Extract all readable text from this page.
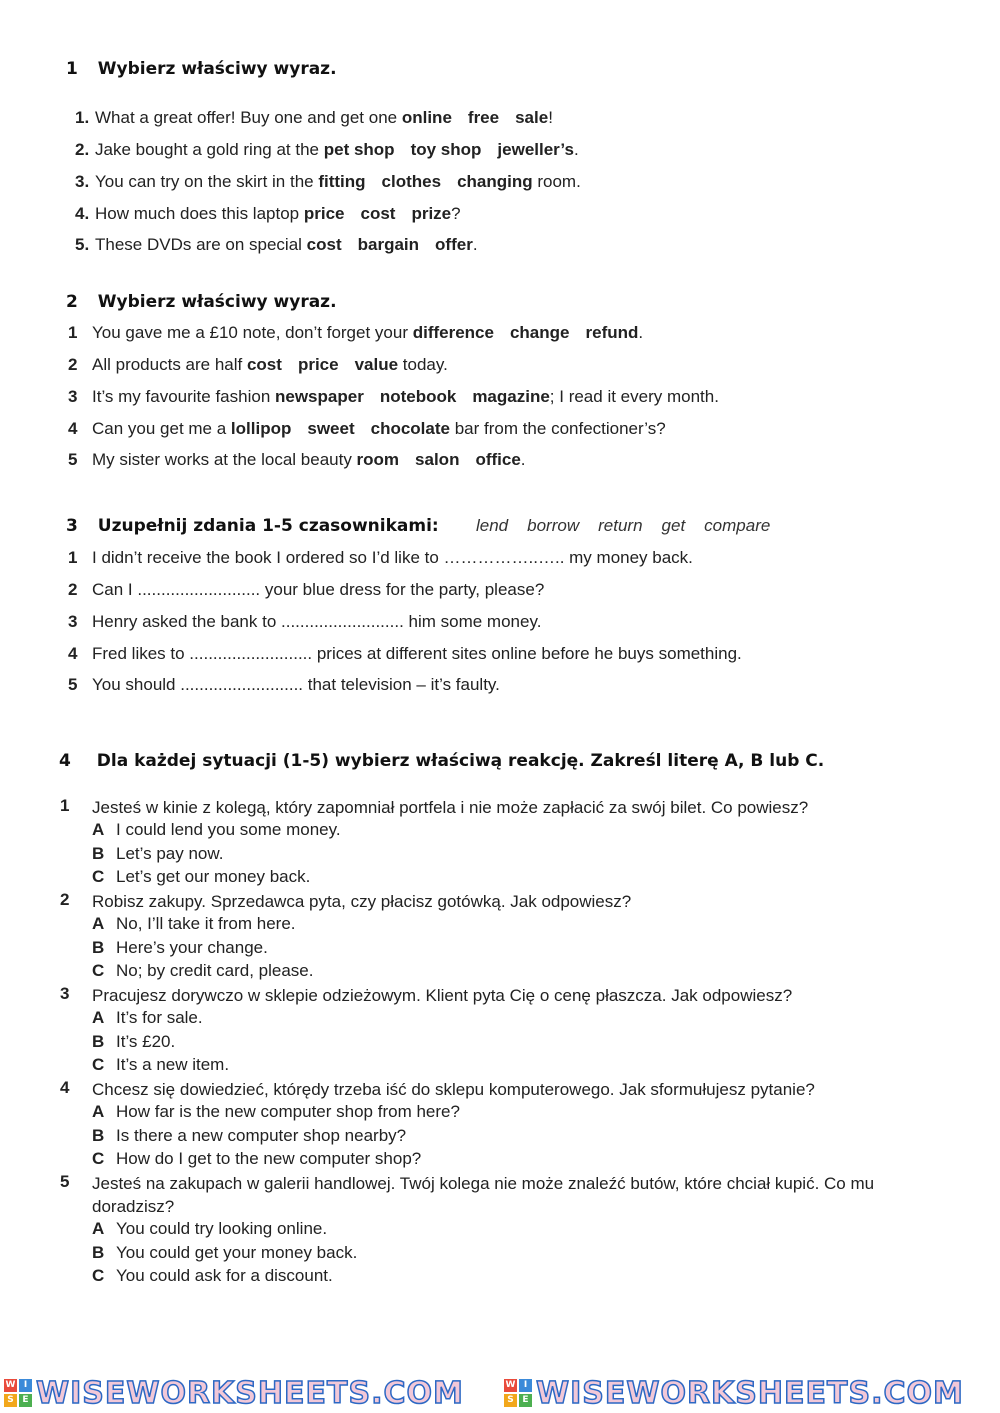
1 Wybierz właściwy wyraz.
1. What a great offer! Buy one and get one online free sale!
2. Jake bought a gold ring at the pet shop toy shop jeweller’s.
3. You can try on the skirt in the fitting clothes changing room.
4. How much does this laptop price cost prize?
5. These DVDs are on special cost bargain offer.
2 Wybierz właściwy wyraz.
1 You gave me a £10 note, don’t forget your difference change refund.
2 All products are half cost price value today.
3 It’s my favourite fashion newspaper notebook magazine; I read it every month.
4 Can you get me a lollipop sweet chocolate bar from the confectioner’s?
5 My sister works at the local beauty room salon office.
3 Uzupełnij zdania 1-5 czasownikami: lend borrow return get compare
1 I didn’t receive the book I ordered so I’d like to ……………..….. my money back.
2 Can I .......................... your blue dress for the party, please?
3 Henry asked the bank to .......................... him some money.
4 Fred likes to .......................... prices at different sites online before he buys something.
5 You should .......................... that television – it’s faulty.
4 Dla każdej sytuacji (1-5) wybierz właściwą reakcję. Zakreśl literę A, B lub C.
1 Jesteś w kinie z kolegą, który zapomniał portfela i nie może zapłacić za swój bilet. Co powiesz?
A I could lend you some money.
B Let’s pay now.
C Let’s get our money back.
2 Robisz zakupy. Sprzedawca pyta, czy płacisz gotówką. Jak odpowiesz?
A No, I’ll take it from here.
B Here’s your change.
C No; by credit card, please.
3 Pracujesz dorywczo w sklepie odzieżowym. Klient pyta Cię o cenę płaszcza. Jak odpowiesz?
A It’s for sale.
B It’s £20.
C It’s a new item.
4 Chcesz się dowiedzieć, którędy trzeba iść do sklepu komputerowego. Jak sformułujesz pytanie?
A How far is the new computer shop from here?
B Is there a new computer shop nearby?
C How do I get to the new computer shop?
5 Jesteś na zakupach w galerii handlowej. Twój kolega nie może znaleźć butów, które chciał kupić. Co mu doradzisz?
A You could try looking online.
B You could get your money back.
C You could ask for a discount.
W I
S E WISEWORKSHEETS.COM	W I
S E WISEWORKSHEETS.COM
